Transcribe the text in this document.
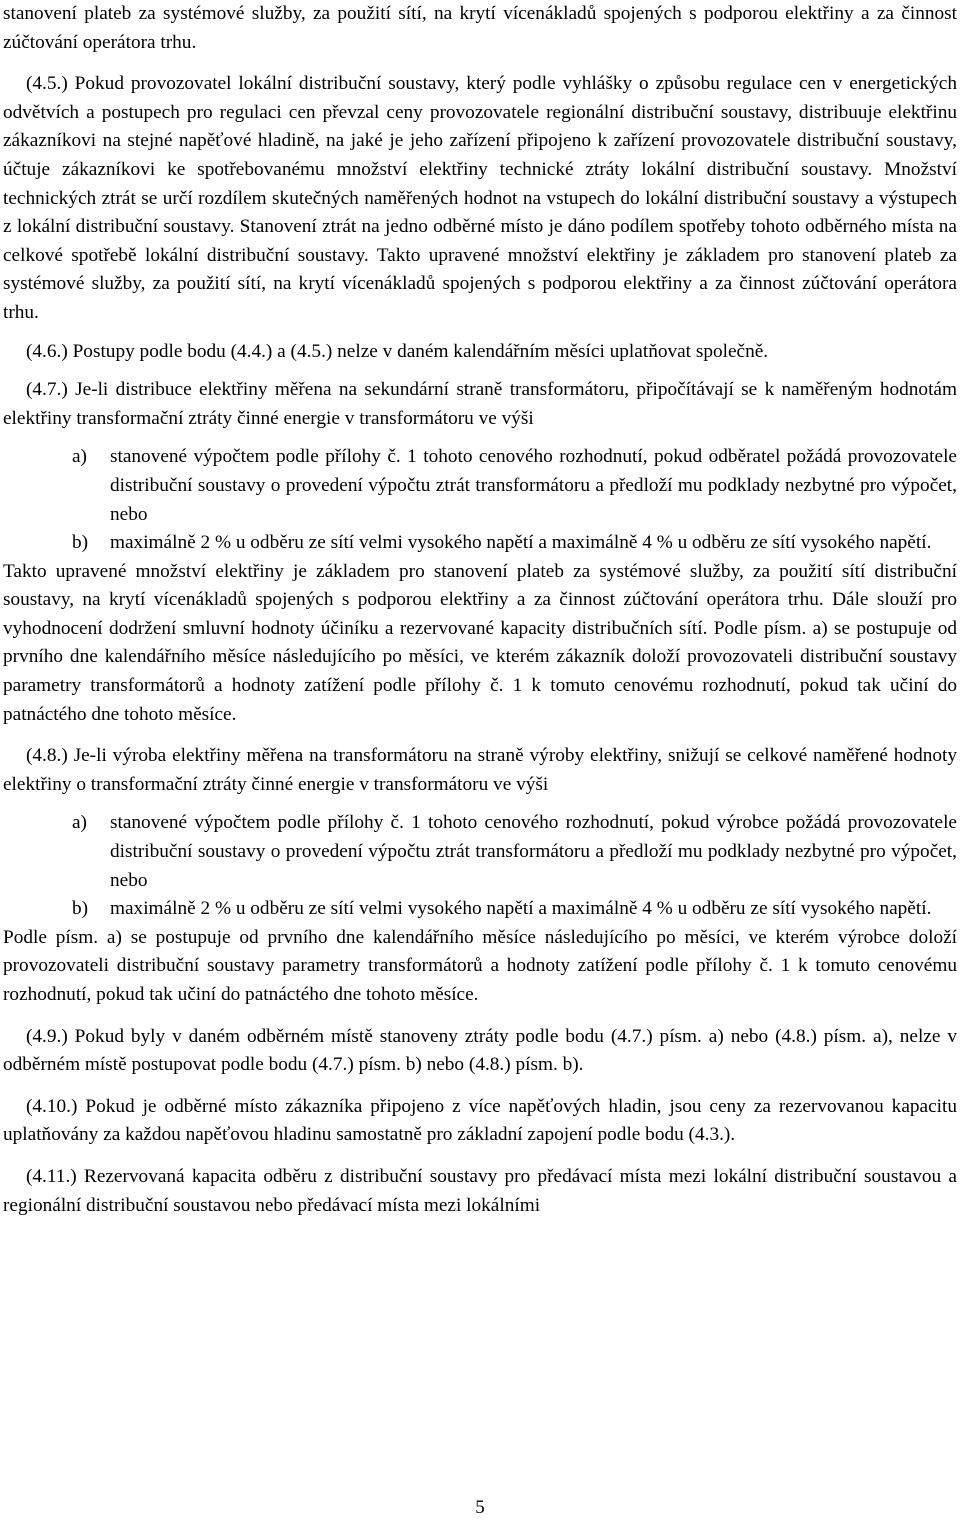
stanovení plateb za systémové služby, za použití sítí, na krytí vícenákladů spojených s podporou elektřiny a za činnost zúčtování operátora trhu.

(4.5.) Pokud provozovatel lokální distribuční soustavy, který podle vyhlášky o způsobu regulace cen v energetických odvětvích a postupech pro regulaci cen převzal ceny provozovatele regionální distribuční soustavy, distribuuje elektřinu zákazníkovi na stejné napěťové hladině, na jaké je jeho zařízení připojeno k zařízení provozovatele distribuční soustavy, účtuje zákazníkovi ke spotřebovanému množství elektřiny technické ztráty lokální distribuční soustavy. Množství technických ztrát se určí rozdílem skutečných naměřených hodnot na vstupech do lokální distribuční soustavy a výstupech z lokální distribuční soustavy. Stanovení ztrát na jedno odběrné místo je dáno podílem spotřeby tohoto odběrného místa na celkové spotřebě lokální distribuční soustavy. Takto upravené množství elektřiny je základem pro stanovení plateb za systémové služby, za použití sítí, na krytí vícenákladů spojených s podporou elektřiny a za činnost zúčtování operátora trhu.

(4.6.) Postupy podle bodu (4.4.) a (4.5.) nelze v daném kalendářním měsíci uplatňovat společně.

(4.7.) Je-li distribuce elektřiny měřena na sekundární straně transformátoru, připočítávají se k naměřeným hodnotám elektřiny transformační ztráty činné energie v transformátoru ve výši

a)	stanovené výpočtem podle přílohy č. 1 tohoto cenového rozhodnutí, pokud odběratel požádá provozovatele distribuční soustavy o provedení výpočtu ztrát transformátoru a předloží mu podklady nezbytné pro výpočet, nebo
b)	maximálně 2 % u odběru ze sítí velmi vysokého napětí a maximálně 4 % u odběru ze sítí vysokého napětí.

Takto upravené množství elektřiny je základem pro stanovení plateb za systémové služby, za použití sítí distribuční soustavy, na krytí vícenákladů spojených s podporou elektřiny a za činnost zúčtování operátora trhu. Dále slouží pro vyhodnocení dodržení smluvní hodnoty účiníku a rezervované kapacity distribučních sítí. Podle písm. a) se postupuje od prvního dne kalendářního měsíce následujícího po měsíci, ve kterém zákazník doloží provozovateli distribuční soustavy parametry transformátorů a hodnoty zatížení podle přílohy č. 1 k tomuto cenovému rozhodnutí, pokud tak učiní do patnáctého dne tohoto měsíce.

(4.8.) Je-li výroba elektřiny měřena na transformátoru na straně výroby elektřiny, snižují se celkové naměřené hodnoty elektřiny o transformační ztráty činné energie v transformátoru ve výši

a)	stanovené výpočtem podle přílohy č. 1 tohoto cenového rozhodnutí, pokud výrobce požádá provozovatele distribuční soustavy o provedení výpočtu ztrát transformátoru a předloží mu podklady nezbytné pro výpočet, nebo
b)	maximálně 2 % u odběru ze sítí velmi vysokého napětí a maximálně 4 % u odběru ze sítí vysokého napětí.

Podle písm. a) se postupuje od prvního dne kalendářního měsíce následujícího po měsíci, ve kterém výrobce doloží provozovateli distribuční soustavy parametry transformátorů a hodnoty zatížení podle přílohy č. 1 k tomuto cenovému rozhodnutí, pokud tak učiní do patnáctého dne tohoto měsíce.

(4.9.) Pokud byly v daném odběrném místě stanoveny ztráty podle bodu (4.7.) písm. a) nebo (4.8.) písm. a), nelze v odběrném místě postupovat podle bodu (4.7.) písm. b) nebo (4.8.) písm. b).

(4.10.) Pokud je odběrné místo zákazníka připojeno z více napěťových hladin, jsou ceny za rezervovanou kapacitu uplatňovány za každou napěťovou hladinu samostatně pro základní zapojení podle bodu (4.3.).

(4.11.) Rezervovaná kapacita odběru z distribuční soustavy pro předávací místa mezi lokální distribuční soustavou a regionální distribuční soustavou nebo předávací místa mezi lokálními

5
